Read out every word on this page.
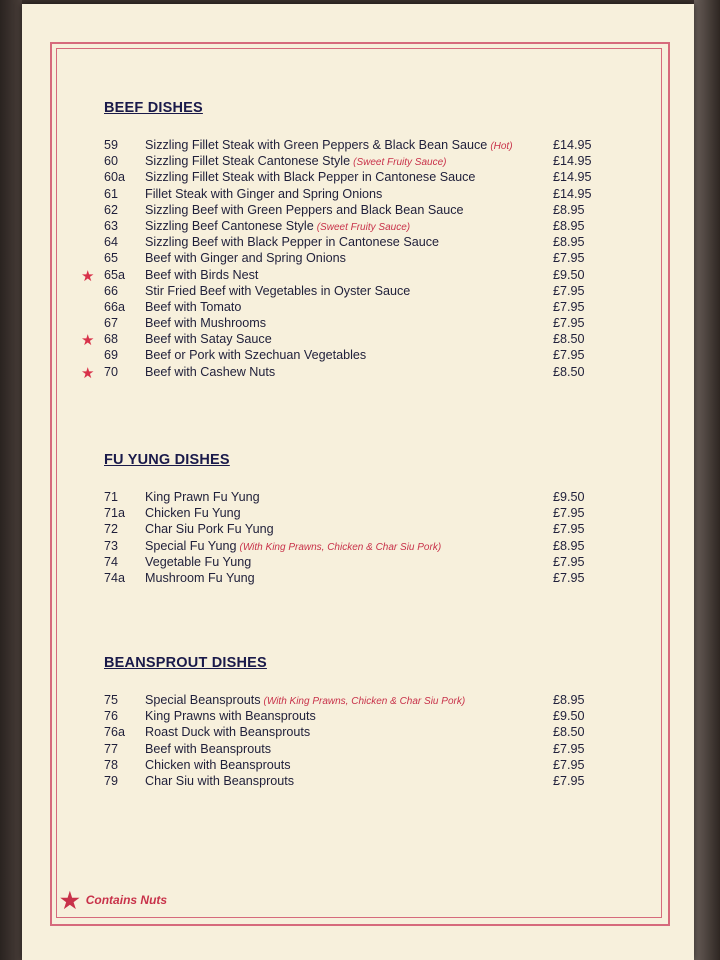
BEEF DISHES
59 Sizzling Fillet Steak with Green Peppers & Black Bean Sauce (Hot)	£14.95
60 Sizzling Fillet Steak Cantonese Style (Sweet Fruity Sauce)	£14.95
60a Sizzling Fillet Steak with Black Pepper in Cantonese Sauce	£14.95
61 Fillet Steak with Ginger and Spring Onions	£14.95
62 Sizzling Beef with Green Peppers and Black Bean Sauce	£8.95
63 Sizzling Beef Cantonese Style (Sweet Fruity Sauce)	£8.95
64 Sizzling Beef with Black Pepper in Cantonese Sauce	£8.95
65 Beef with Ginger and Spring Onions	£7.95
★ 65a Beef with Birds Nest	£9.50
66 Stir Fried Beef with Vegetables in Oyster Sauce	£7.95
66a Beef with Tomato	£7.95
67 Beef with Mushrooms	£7.95
★ 68 Beef with Satay Sauce	£8.50
69 Beef or Pork with Szechuan Vegetables	£7.95
★ 70 Beef with Cashew Nuts	£8.50
FU YUNG DISHES
71 King Prawn Fu Yung	£9.50
71a Chicken Fu Yung	£7.95
72 Char Siu Pork Fu Yung	£7.95
73 Special Fu Yung (With King Prawns, Chicken & Char Siu Pork)	£8.95
74 Vegetable Fu Yung	£7.95
74a Mushroom Fu Yung	£7.95
BEANSPROUT DISHES
75 Special Beansprouts (With King Prawns, Chicken & Char Siu Pork)	£8.95
76 King Prawns with Beansprouts	£9.50
76a Roast Duck with Beansprouts	£8.50
77 Beef with Beansprouts	£7.95
78 Chicken with Beansprouts	£7.95
79 Char Siu with Beansprouts	£7.95
★ Contains Nuts
